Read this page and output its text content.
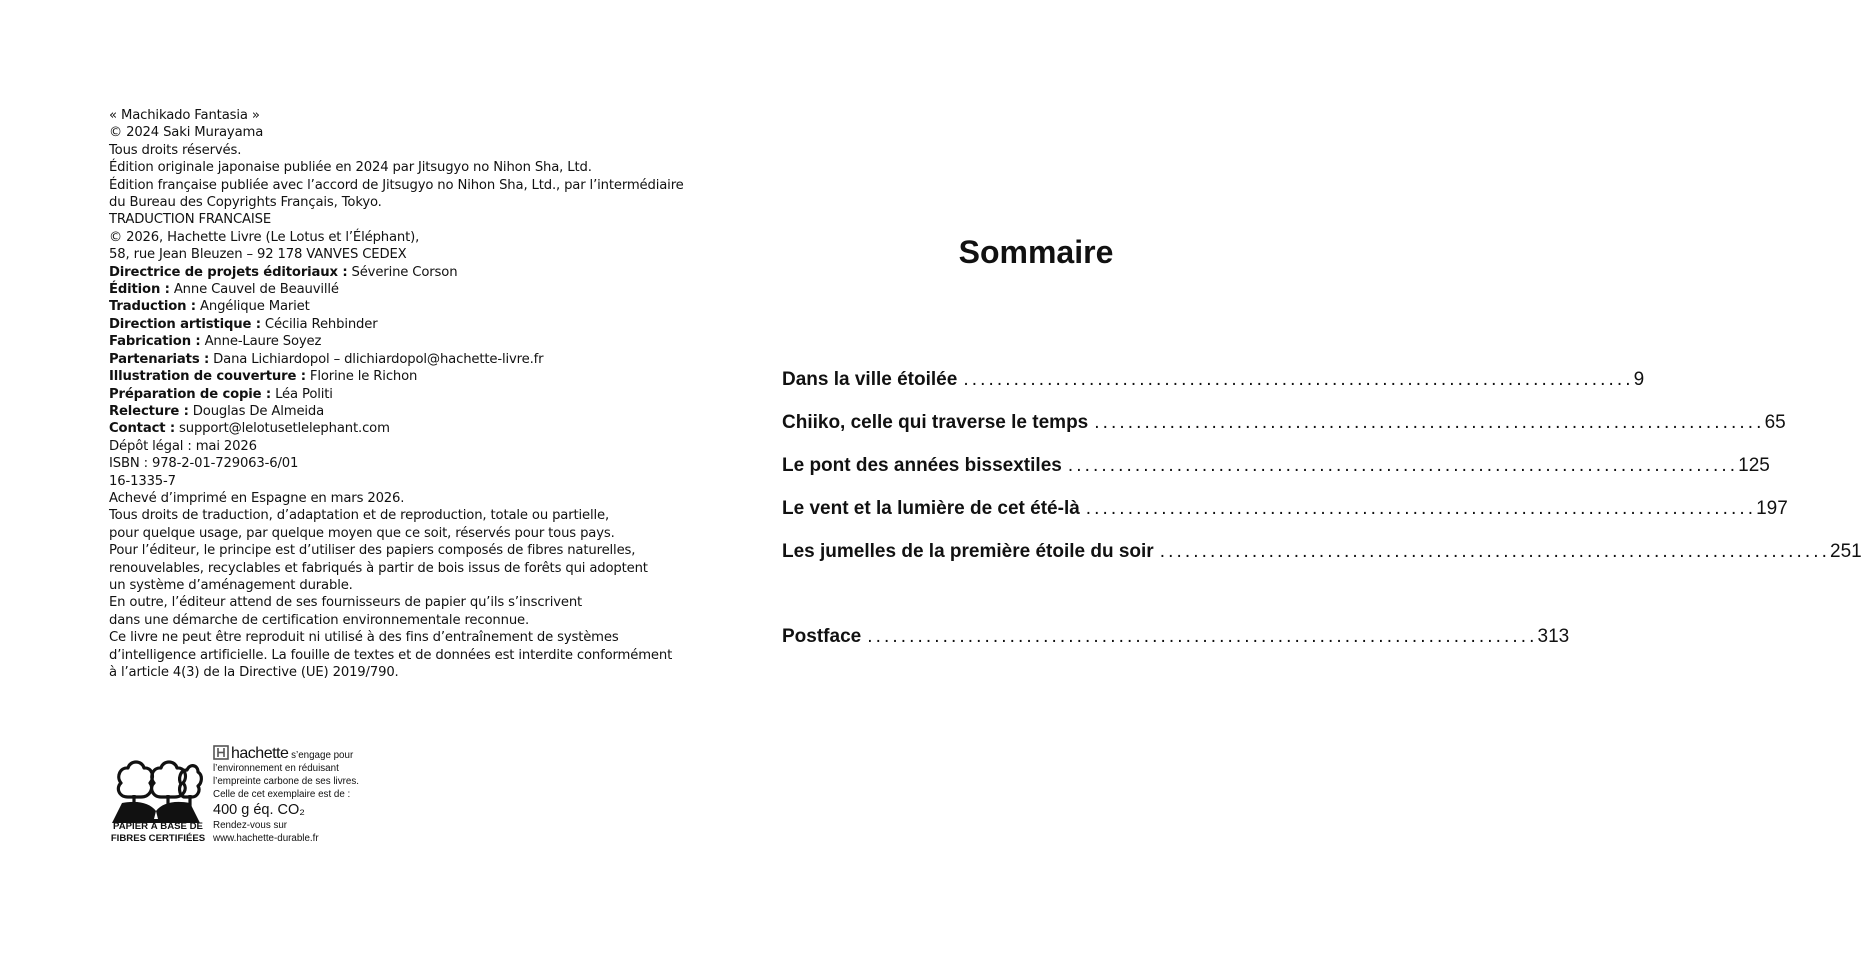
« Machikado Fantasia »
© 2024 Saki Murayama
Tous droits réservés.
Édition originale japonaise publiée en 2024 par Jitsugyo no Nihon Sha, Ltd.
Édition française publiée avec l’accord de Jitsugyo no Nihon Sha, Ltd., par l’intermédiaire
du Bureau des Copyrights Français, Tokyo.

TRADUCTION FRANCAISE
© 2026, Hachette Livre (Le Lotus et l’Éléphant),
58, rue Jean Bleuzen – 92 178 VANVES CEDEX
Directrice de projets éditoriaux : Séverine Corson
Édition : Anne Cauvel de Beauvillé
Traduction : Angélique Mariet
Direction artistique : Cécilia Rehbinder
Fabrication : Anne-Laure Soyez
Partenariats : Dana Lichiardopol – dlichiardopol@hachette-livre.fr
Illustration de couverture : Florine le Richon
Préparation de copie : Léa Politi
Relecture : Douglas De Almeida

Contact : support@lelotusetlelephant.com
Dépôt légal : mai 2026
ISBN : 978-2-01-729063-6/01
16-1335-7
Achevé d’imprimé en Espagne en mars 2026.

Tous droits de traduction, d’adaptation et de reproduction, totale ou partielle,
pour quelque usage, par quelque moyen que ce soit, réservés pour tous pays.

Pour l’éditeur, le principe est d’utiliser des papiers composés de fibres naturelles,
renouvelables, recyclables et fabriqués à partir de bois issus de forêts qui adoptent
un système d’aménagement durable.

En outre, l’éditeur attend de ses fournisseurs de papier qu’ils s’inscrivent
dans une démarche de certification environnementale reconnue.

Ce livre ne peut être reproduit ni utilisé à des fins d’entraînement de systèmes
d’intelligence artificielle. La fouille de textes et de données est interdite conformément
à l’article 4(3) de la Directive (UE) 2019/790.

PAPIER À BASE DE
FIBRES CERTIFIÉES
hachette s’engage pour
l’environnement en réduisant
l’empreinte carbone de ses livres.
Celle de cet exemplaire est de :
400 g éq. CO₂
Rendez-vous sur
www.hachette-durable.fr
Sommaire
Dans la ville étoilée ................................................................................ 9
Chiiko, celle qui traverse le temps ................................................................................ 65
Le pont des années bissextiles ................................................................................ 125
Le vent et la lumière de cet été-là ................................................................................ 197
Les jumelles de la première étoile du soir ................................................................................ 251
Postface ................................................................................ 313
